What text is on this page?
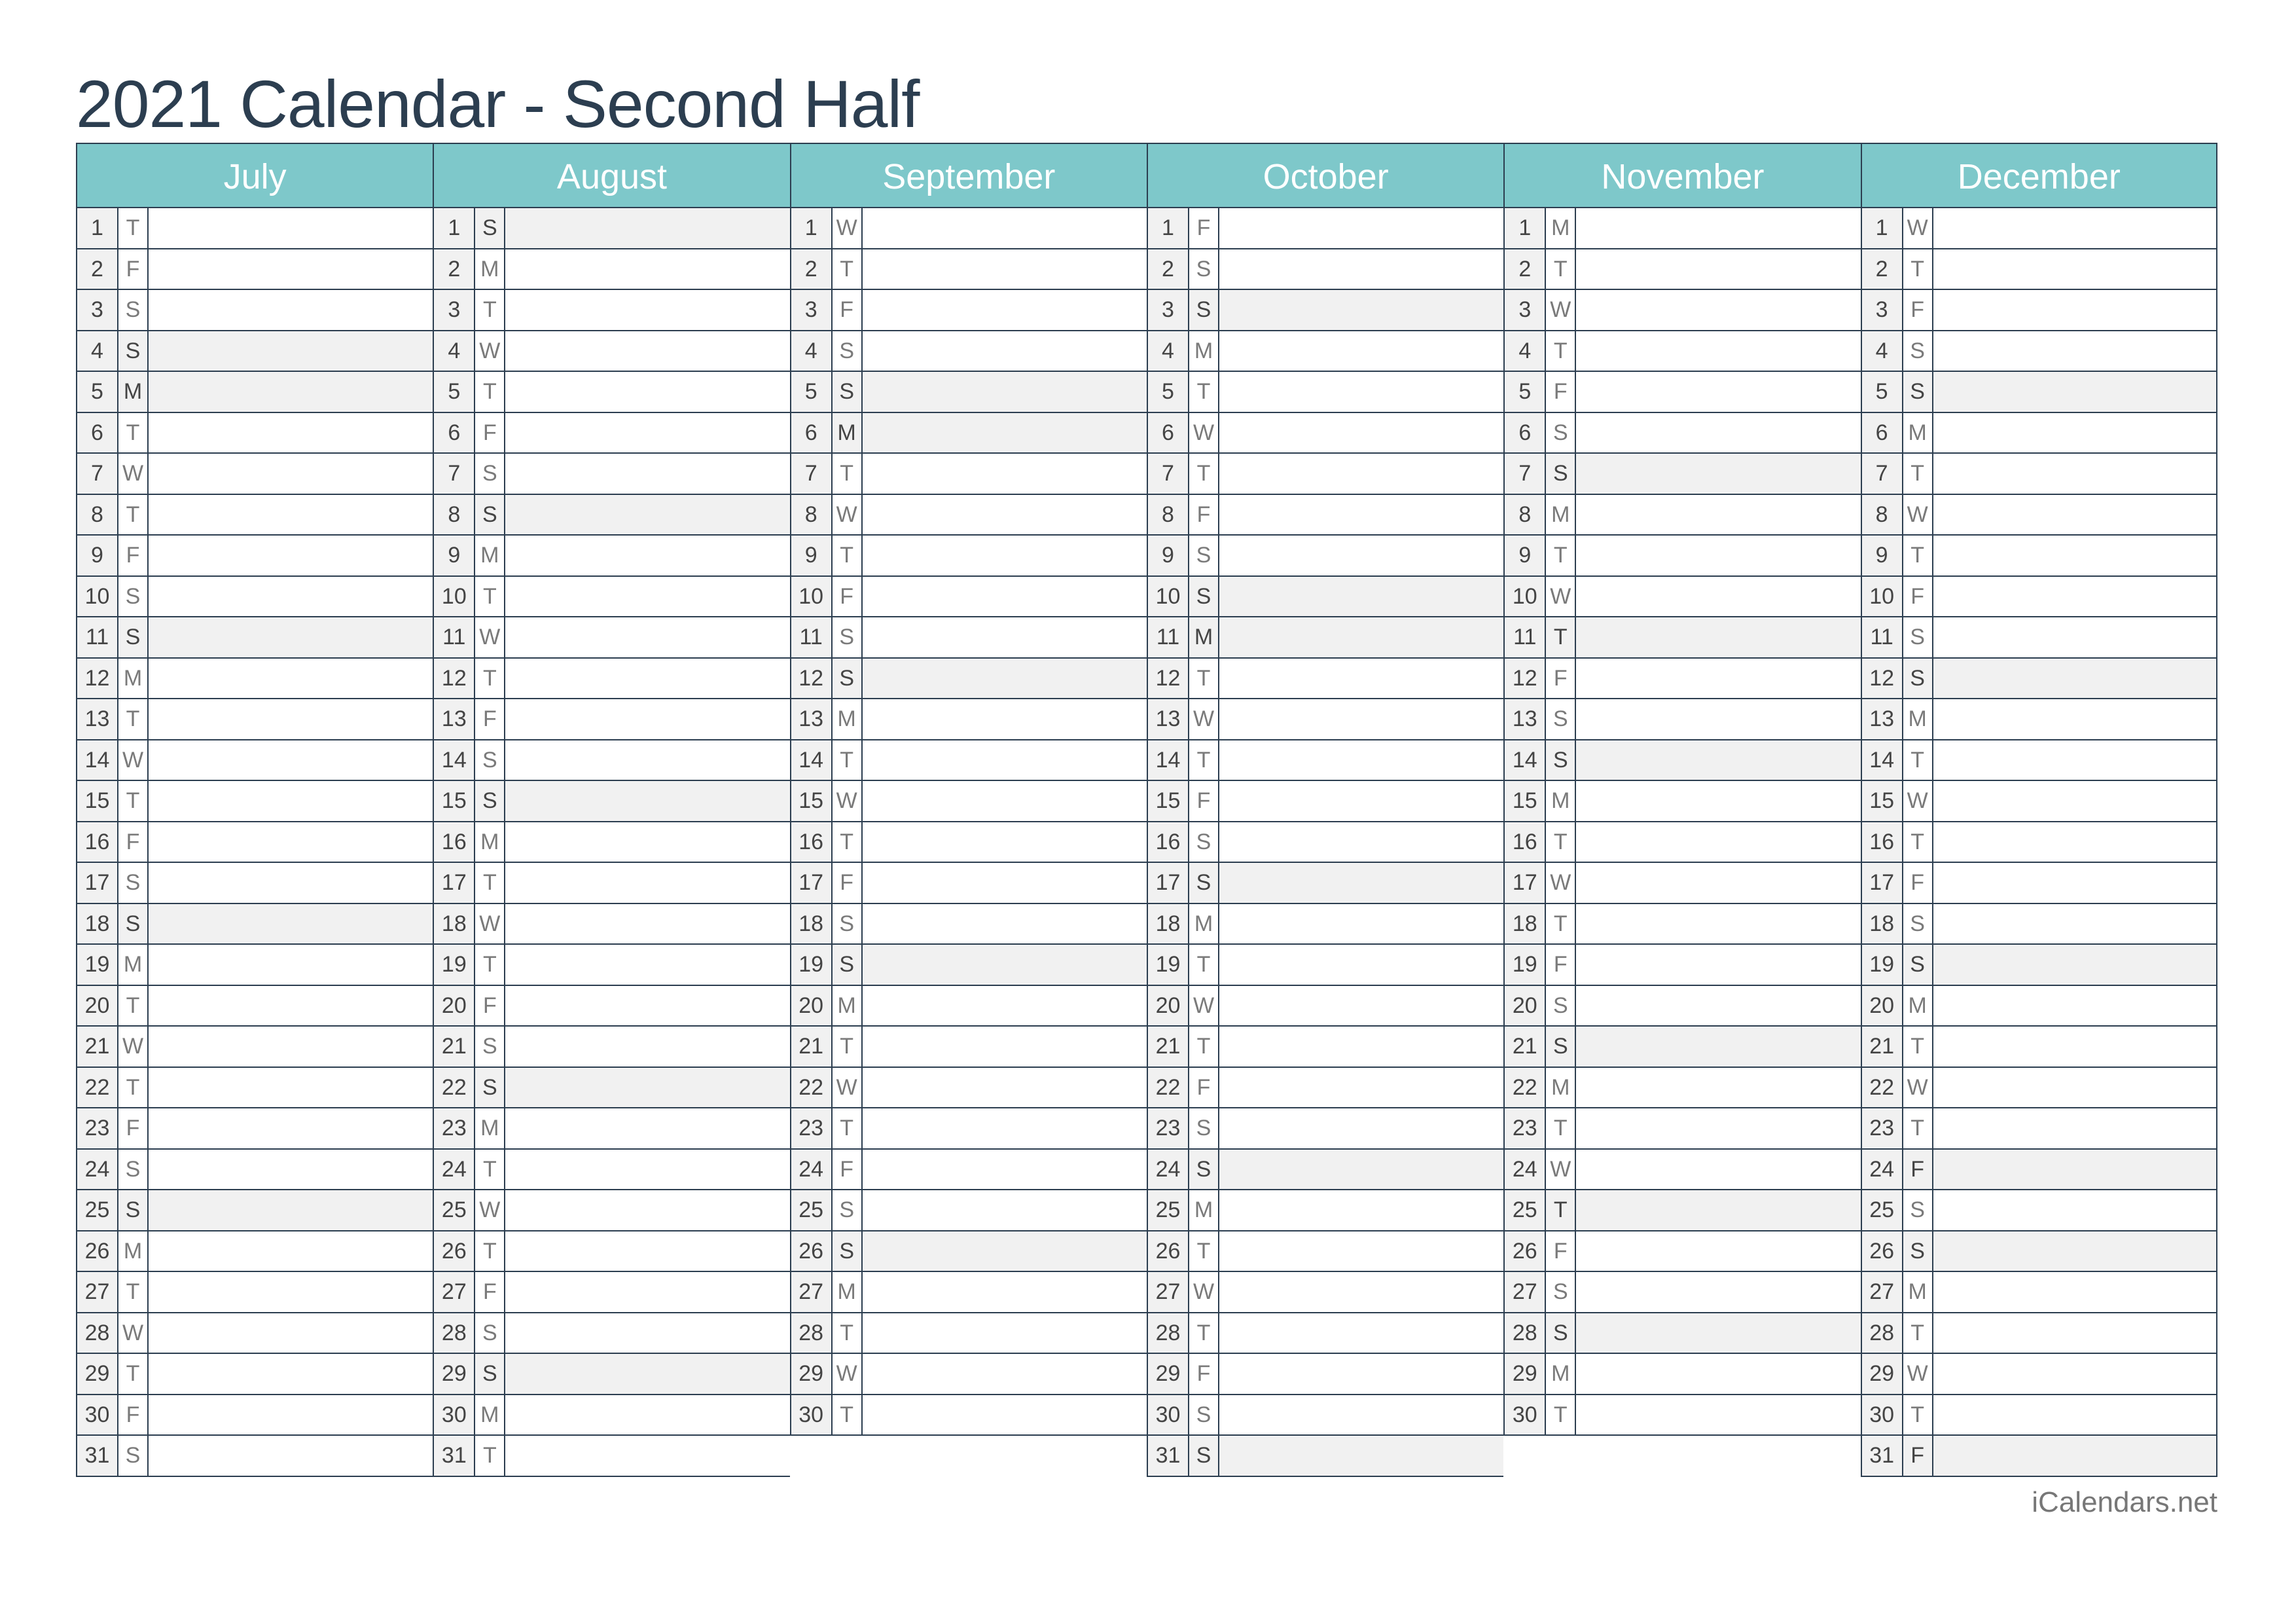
2021 Calendar - Second Half
July
1	T
2	F
3 S
4 S
5 M
6	T
7 W
8	T
9	F
10 S
11 S
12 M
13 T
14 W
15 T
16 F
17 S
18 S
19 M
20 T
21 W
22 T
23 F
24 S
25 S
26 M
27 T
28 W
29 T
30 F
31 S
August
1 S
2 M
3	T
4 W
5	T
6	F
7 S
8 S
9 M
10 T
11 W
12 T
13 F
14 S
15 S
16 M
17 T
18 W
19 T
20 F
21 S
22 S
23 M
24 T
25 W
26 T
27 F
28 S
29 S
30 M
31 T
September
1 W
2	T
3	F
4 S
5 S
6 M
7	T
8 W
9	T
10 F
11 S
12 S
13 M
14 T
15 W
16 T
17 F
18 S
19 S
20 M
21 T
22 W
23 T
24 F
25 S
26 S
27 M
28 T
29 W
30 T
October
1	F
2 S
3 S
4 M
5	T
6 W
7	T
8	F
9 S
10 S
11 M
12 T
13 W
14 T
15 F
16 S
17 S
18 M
19 T
20 W
21 T
22 F
23 S
24 S
25 M
26 T
27 W
28 T
29 F
30 S
31 S
November
1 M
2	T
3 W
4	T
5	F
6 S
7 S
8 M
9	T
10 W
11 T
12 F
13 S
14 S
15 M
16 T
17 W
18 T
19 F
20 S
21 S
22 M
23 T
24 W
25 T
26 F
27 S
28 S
29 M
30 T
December
1 W
2	T
3	F
4 S
5 S
6 M
7	T
8 W
9	T
10 F
11 S
12 S
13 M
14 T
15 W
16 T
17 F
18 S
19 S
20 M
21 T
22 W
23 T
24 F
25 S
26 S
27 M
28 T
29 W
30 T
31 F
iCalendars.net
